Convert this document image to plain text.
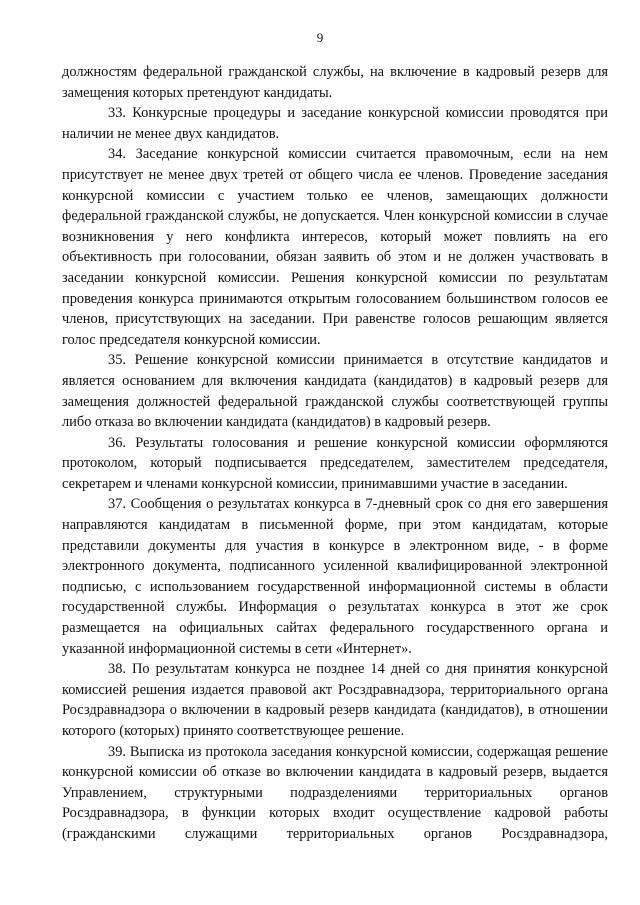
9

должностям федеральной гражданской службы, на включение в кадровый резерв для замещения которых претендуют кандидаты.

33. Конкурсные процедуры и заседание конкурсной комиссии проводятся при наличии не менее двух кандидатов.

34. Заседание конкурсной комиссии считается правомочным, если на нем присутствует не менее двух третей от общего числа ее членов. Проведение заседания конкурсной комиссии с участием только ее членов, замещающих должности федеральной гражданской службы, не допускается. Член конкурсной комиссии в случае возникновения у него конфликта интересов, который может повлиять на его объективность при голосовании, обязан заявить об этом и не должен участвовать в заседании конкурсной комиссии. Решения конкурсной комиссии по результатам проведения конкурса принимаются открытым голосованием большинством голосов ее членов, присутствующих на заседании. При равенстве голосов решающим является голос председателя конкурсной комиссии.

35. Решение конкурсной комиссии принимается в отсутствие кандидатов и является основанием для включения кандидата (кандидатов) в кадровый резерв для замещения должностей федеральной гражданской службы соответствующей группы либо отказа во включении кандидата (кандидатов) в кадровый резерв.

36. Результаты голосования и решение конкурсной комиссии оформляются протоколом, который подписывается председателем, заместителем председателя, секретарем и членами конкурсной комиссии, принимавшими участие в заседании.

37. Сообщения о результатах конкурса в 7-дневный срок со дня его завершения направляются кандидатам в письменной форме, при этом кандидатам, которые представили документы для участия в конкурсе в электронном виде, - в форме электронного документа, подписанного усиленной квалифицированной электронной подписью, с использованием государственной информационной системы в области государственной службы. Информация о результатах конкурса в этот же срок размещается на официальных сайтах федерального государственного органа и указанной информационной системы в сети «Интернет».

38. По результатам конкурса не позднее 14 дней со дня принятия конкурсной комиссией решения издается правовой акт Росздравнадзора, территориального органа Росздравнадзора о включении в кадровый резерв кандидата (кандидатов), в отношении которого (которых) принято соответствующее решение.

39. Выписка из протокола заседания конкурсной комиссии, содержащая решение конкурсной комиссии об отказе во включении кандидата в кадровый резерв, выдается Управлением, структурными подразделениями территориальных органов Росздравнадзора, в функции которых входит осуществление кадровой работы (гражданскими служащими территориальных органов Росздравнадзора,
